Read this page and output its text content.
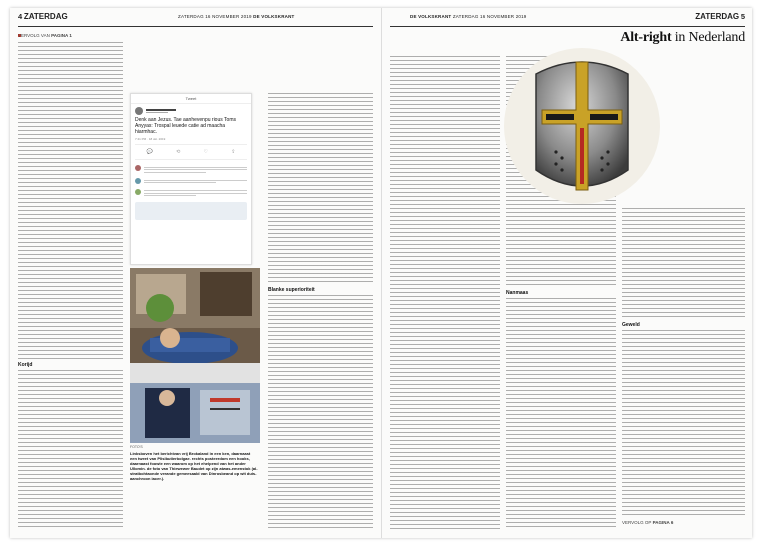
4 ZATERDAG	ZATERDAG 16 NOVEMBER 2019 DE VOLKSKRANT
VERVOLG VAN PAGINA 1
Korijd
Tweet
Denk aan Jezus. Tae aanhevenpu rious Toms Anyyas: Trospal leuede catie ad maacha hiarmhac.
7:41 PM · 18 okt. 2019
💬	⟲	♡	⇪
FOTO'S
Linksboven het berichtvan vrij Brokaland in een ken, daarnaast een tweet van Plisibutierbolgae. rechts posteerdom een hooks, daarnaast foowie een waarom op het ehelpend van het ander Ullomin. de foto van Thiewewer Baudet op zijn atwas-emenstok (al-stratbohtaonde verande gemeesaald van Dinrosbeand op wit duis-aanchroon iacer.).
Blanke superioriteit
DE VOLKSKRANT ZATERDAG 16 NOVEMBER 2019	ZATERDAG 5
Alt-right in Nederland
Nanmaas
Geweld
VERVOLG OP PAGINA 6
